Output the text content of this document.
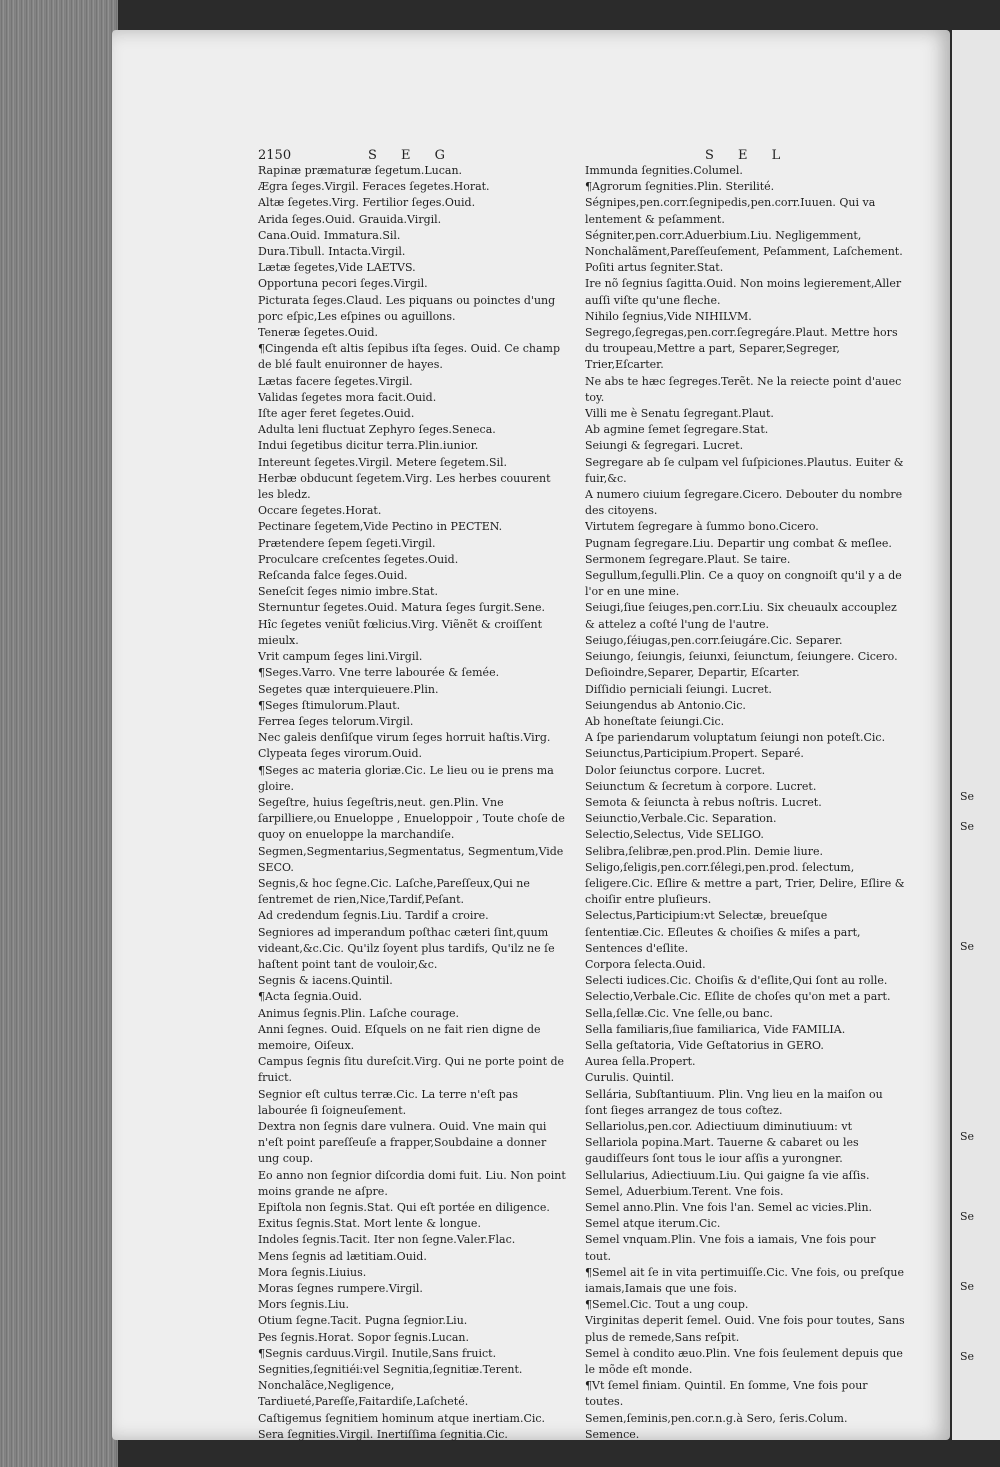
Se
Se
Se
Se
Se
Se
Se
2150	S E G	S E L
Rapinæ præmaturæ ſegetum.Lucan.
Ægra ſeges.Virgil. Feraces ſegetes.Horat.
Altæ ſegetes.Virg. Fertilior ſeges.Ouid.
Arida ſeges.Ouid. Grauida.Virgil.
Cana.Ouid. Immatura.Sil.
Dura.Tibull. Intacta.Virgil.
Lætæ ſegetes,Vide LAETVS.
Opportuna pecori ſeges.Virgil.
Picturata ſeges.Claud. Les piquans ou poinctes d'ung porc eſpic,Les eſpines ou aguillons.
Teneræ ſegetes.Ouid.
¶Cingenda eſt altis ſepibus iſta ſeges. Ouid. Ce champ de blé fault enuironner de hayes.
Lætas facere ſegetes.Virgil.
Validas ſegetes mora facit.Ouid.
Iſte ager feret ſegetes.Ouid.
Adulta leni fluctuat Zephyro ſeges.Seneca.
Indui ſegetibus dicitur terra.Plin.iunior.
Intereunt ſegetes.Virgil. Metere ſegetem.Sil.
Herbæ obducunt ſegetem.Virg. Les herbes couurent les bledz.
Occare ſegetes.Horat.
Pectinare ſegetem,Vide Pectino in PECTEN.
Prætendere ſepem ſegeti.Virgil.
Proculcare creſcentes ſegetes.Ouid.
Reſcanda falce ſeges.Ouid.
Seneſcit ſeges nimio imbre.Stat.
Sternuntur ſegetes.Ouid. Matura ſeges ſurgit.Sene.
Hîc ſegetes veniũt fœlicius.Virg. Viẽnẽt & croiſſent mieulx.
Vrit campum ſeges lini.Virgil.
¶Seges.Varro. Vne terre labourée & ſemée.
Segetes quæ interquieuere.Plin.
¶Seges ſtimulorum.Plaut.
Ferrea ſeges telorum.Virgil.
Nec galeis denſiſque virum ſeges horruit haſtis.Virg.
Clypeata ſeges virorum.Ouid.
¶Seges ac materia gloriæ.Cic. Le lieu ou ie prens ma gloire.
Segeſtre, huius ſegeſtris,neut. gen.Plin. Vne ſarpilliere,ou Enueloppe , Enueloppoir , Toute choſe de quoy on enueloppe la marchandiſe.
Segmen,Segmentarius,Segmentatus, Segmentum,Vide SECO.
Segnis,& hoc ſegne.Cic. Laſche,Pareſſeux,Qui ne ſentremet de rien,Nice,Tardif,Peſant.
Ad credendum ſegnis.Liu. Tardif a croire.
Segniores ad imperandum poſthac cæteri ſint,quum videant,&c.Cic. Qu'ilz ſoyent plus tardifs, Qu'ilz ne ſe haſtent point tant de vouloir,&c.
Segnis & iacens.Quintil.
¶Acta ſegnia.Ouid.
Animus ſegnis.Plin. Laſche courage.
Anni ſegnes. Ouid. Eſquels on ne fait rien digne de memoire, Oiſeux.
Campus ſegnis ſitu dureſcit.Virg. Qui ne porte point de fruict.
Segnior eſt cultus terræ.Cic. La terre n'eſt pas labourée ſi ſoigneuſement.
Dextra non ſegnis dare vulnera. Ouid. Vne main qui n'eſt point pareſſeuſe a frapper,Soubdaine a donner ung coup.
Eo anno non ſegnior diſcordia domi fuit. Liu. Non point moins grande ne aſpre.
Epiſtola non ſegnis.Stat. Qui eſt portée en diligence.
Exitus ſegnis.Stat. Mort lente & longue.
Indoles ſegnis.Tacit. Iter non ſegne.Valer.Flac.
Mens ſegnis ad lætitiam.Ouid.
Mora ſegnis.Liuius.
Moras ſegnes rumpere.Virgil.
Mors ſegnis.Liu.
Otium ſegne.Tacit. Pugna ſegnior.Liu.
Pes ſegnis.Horat. Sopor ſegnis.Lucan.
¶Segnis carduus.Virgil. Inutile,Sans fruict.
Segnities,ſegnitiéi:vel Segnitia,ſegnitiæ.Terent. Nonchalãce,Negligence, Tardiueté,Pareſſe,Faitardiſe,Laſcheté.
Caſtigemus ſegnitiem hominum atque inertiam.Cic.
Sera ſegnities.Virgil. Inertiſſima ſegnitia.Cic.
Immunda ſegnities.Columel.
¶Agrorum ſegnities.Plin. Sterilité.
Ségnipes,pen.corr.ſegnipedis,pen.corr.Iuuen. Qui va lentement & peſamment.
Ségniter,pen.corr.Aduerbium.Liu. Negligemment, Nonchalãment,Pareſſeuſement, Peſamment, Laſchement.
Poſiti artus ſegniter.Stat.
Ire nõ ſegnius ſagitta.Ouid. Non moins legierement,Aller auſſi viſte qu'une fleche.
Nihilo ſegnius,Vide NIHILVM.
Segrego,ſegregas,pen.corr.ſegregáre.Plaut. Mettre hors du troupeau,Mettre a part, Separer,Segreger, Trier,Eſcarter.
Ne abs te hæc ſegreges.Terẽt. Ne la reiecte point d'auec toy.
Villi me è Senatu ſegregant.Plaut.
Ab agmine ſemet ſegregare.Stat.
Seiungi & ſegregari. Lucret.
Segregare ab ſe culpam vel ſuſpiciones.Plautus. Euiter & fuir,&c.
A numero ciuium ſegregare.Cicero. Debouter du nombre des citoyens.
Virtutem ſegregare à ſummo bono.Cicero.
Pugnam ſegregare.Liu. Departir ung combat & meſlee.
Sermonem ſegregare.Plaut. Se taire.
Segullum,ſegulli.Plin. Ce a quoy on congnoiſt qu'il y a de l'or en une mine.
Seiugi,ſiue ſeiuges,pen.corr.Liu. Six cheuaulx accouplez & attelez a coſté l'ung de l'autre.
Seiugo,ſéiugas,pen.corr.ſeiugáre.Cic. Separer.
Seiungo, ſeiungis, ſeiunxi, ſeiunctum, ſeiungere. Cicero. Deſioindre,Separer, Departir, Eſcarter.
Diſſidio perniciali ſeiungi. Lucret.
Seiungendus ab Antonio.Cic.
Ab honeſtate ſeiungi.Cic.
A ſpe pariendarum voluptatum ſeiungi non poteſt.Cic.
Seiunctus,Participium.Propert. Separé.
Dolor ſeiunctus corpore. Lucret.
Seiunctum & ſecretum à corpore. Lucret.
Semota & ſeiuncta à rebus noſtris. Lucret.
Seiunctio,Verbale.Cic. Separation.
Selectio,Selectus, Vide SELIGO.
Selibra,ſelibræ,pen.prod.Plin. Demie liure.
Seligo,ſeligis,pen.corr.ſélegi,pen.prod. ſelectum, ſeligere.Cic. Eſlire & mettre a part, Trier, Delire, Eſlire & choiſir entre pluſieurs.
Selectus,Participium:vt Selectæ, breueſque ſententiæ.Cic. Eſleutes & choiſies & miſes a part, Sentences d'eſlite.
Corpora ſelecta.Ouid.
Selecti iudices.Cic. Choiſis & d'eſlite,Qui ſont au rolle.
Selectio,Verbale.Cic. Eſlite de choſes qu'on met a part.
Sella,ſellæ.Cic. Vne ſelle,ou banc.
Sella familiaris,ſiue familiarica, Vide FAMILIA.
Sella geſtatoria, Vide Geſtatorius in GERO.
Aurea ſella.Propert.
Curulis. Quintil.
Sellária, Subſtantiuum. Plin. Vng lieu en la maiſon ou ſont ſieges arrangez de tous coſtez.
Sellariolus,pen.cor. Adiectiuum diminutiuum: vt Sellariola popina.Mart. Tauerne & cabaret ou les gaudiſſeurs ſont tous le iour aſſis a yurongner.
Sellularius, Adiectiuum.Liu. Qui gaigne ſa vie aſſis.
Semel, Aduerbium.Terent. Vne fois.
Semel anno.Plin. Vne fois l'an. Semel ac vicies.Plin.
Semel atque iterum.Cic.
Semel vnquam.Plin. Vne fois a iamais, Vne fois pour tout.
¶Semel ait ſe in vita pertimuiſſe.Cic. Vne fois, ou preſque iamais,Iamais que une fois.
¶Semel.Cic. Tout a ung coup.
Virginitas deperit ſemel. Ouid. Vne fois pour toutes, Sans plus de remede,Sans reſpit.
Semel à condito æuo.Plin. Vne fois ſeulement depuis que le mõde eſt monde.
¶Vt ſemel finiam. Quintil. En ſomme, Vne fois pour toutes.
Semen,ſeminis,pen.cor.n.g.à Sero, ſeris.Colum. Semence.
